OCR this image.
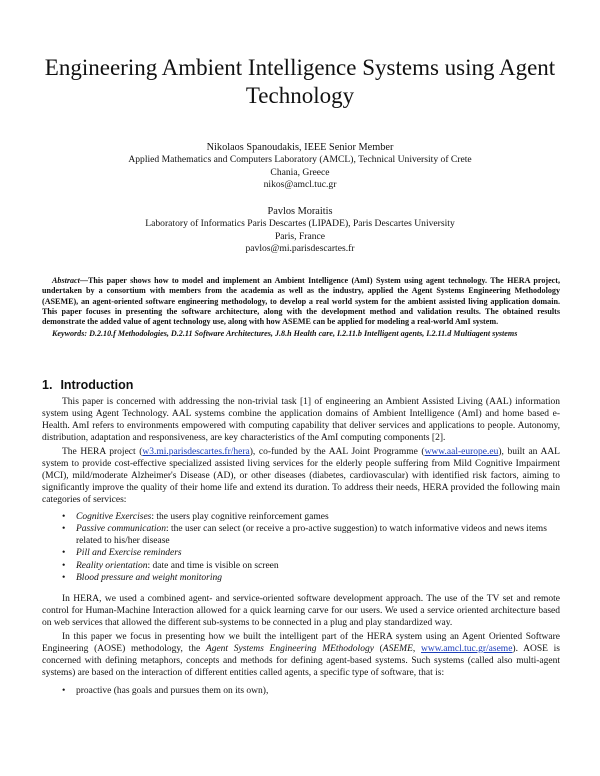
Engineering Ambient Intelligence Systems using Agent Technology
Nikolaos Spanoudakis, IEEE Senior Member
Applied Mathematics and Computers Laboratory (AMCL), Technical University of Crete
Chania, Greece
nikos@amcl.tuc.gr
Pavlos Moraitis
Laboratory of Informatics Paris Descartes (LIPADE), Paris Descartes University
Paris, France
pavlos@mi.parisdescartes.fr
Abstract—This paper shows how to model and implement an Ambient Intelligence (AmI) System using agent technology. The HERA project, undertaken by a consortium with members from the academia as well as the industry, applied the Agent Systems Engineering Methodology (ASEME), an agent-oriented software engineering methodology, to develop a real world system for the ambient assisted living application domain. This paper focuses in presenting the software architecture, along with the development method and validation results. The obtained results demonstrate the added value of agent technology use, along with how ASEME can be applied for modeling a real-world AmI system.
Keywords: D.2.10.f Methodologies, D.2.11 Software Architectures, J.8.h Health care, I.2.11.b Intelligent agents, I.2.11.d Multiagent systems
1. Introduction

This paper is concerned with addressing the non-trivial task [1] of engineering an Ambient Assisted Living (AAL) information system using Agent Technology. AAL systems combine the application domains of Ambient Intelligence (AmI) and home based e-Health. AmI refers to environments empowered with computing capability that deliver services and applications to people. Autonomy, distribution, adaptation and responsiveness, are key characteristics of the AmI computing components [2].

The HERA project (w3.mi.parisdescartes.fr/hera), co-funded by the AAL Joint Programme (www.aal-europe.eu), built an AAL system to provide cost-effective specialized assisted living services for the elderly people suffering from Mild Cognitive Impairment (MCI), mild/moderate Alzheimer's Disease (AD), or other diseases (diabetes, cardiovascular) with identified risk factors, aiming to significantly improve the quality of their home life and extend its duration. To address their needs, HERA provided the following main categories of services:

• Cognitive Exercises: the users play cognitive reinforcement games
• Passive communication: the user can select (or receive a pro-active suggestion) to watch informative videos and news items related to his/her disease
• Pill and Exercise reminders
• Reality orientation: date and time is visible on screen
• Blood pressure and weight monitoring

In HERA, we used a combined agent- and service-oriented software development approach. The use of the TV set and remote control for Human-Machine Interaction allowed for a quick learning carve for our users. We used a service oriented architecture based on web services that allowed the different sub-systems to be connected in a plug and play standardized way.

In this paper we focus in presenting how we built the intelligent part of the HERA system using an Agent Oriented Software Engineering (AOSE) methodology, the Agent Systems Engineering MEthodology (ASEME, www.amcl.tuc.gr/aseme). AOSE is concerned with defining metaphors, concepts and methods for defining agent-based systems. Such systems (called also multi-agent systems) are based on the interaction of different entities called agents, a specific type of software, that is:

• proactive (has goals and pursues them on its own),
